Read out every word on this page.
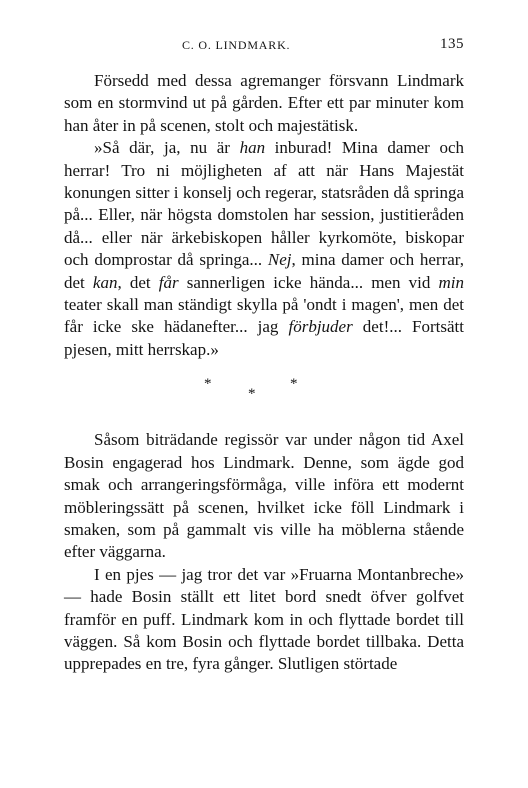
C. O. LINDMARK.	135

Försedd med dessa agremanger försvann Lindmark som en stormvind ut på gården. Efter ett par minuter kom han åter in på scenen, stolt och majestätisk.

»Så där, ja, nu är han inburad! Mina damer och herrar! Tro ni möjligheten af att när Hans Majestät konungen sitter i konselj och regerar, statsråden då springa på... Eller, när högsta domstolen har session, justitieråden då... eller när ärkebiskopen håller kyrkomöte, biskopar och domprostar då springa... Nej, mina damer och herrar, det kan, det får sannerligen icke hända... men vid min teater skall man ständigt skylla på 'ondt i magen', men det får icke ske hädanefter... jag förbjuder det!... Fortsätt pjesen, mitt herrskap.»

*
*
*

Såsom biträdande regissör var under någon tid Axel Bosin engagerad hos Lindmark. Denne, som ägde god smak och arrangeringsförmåga, ville införa ett modernt möbleringssätt på scenen, hvilket icke föll Lindmark i smaken, som på gammalt vis ville ha möblerna stående efter väggarna.

I en pjes — jag tror det var »Fruarna Montanbreche» — hade Bosin ställt ett litet bord snedt öfver golfvet framför en puff. Lindmark kom in och flyttade bordet till väggen. Så kom Bosin och flyttade bordet tillbaka. Detta upprepades en tre, fyra gånger. Slutligen störtade
